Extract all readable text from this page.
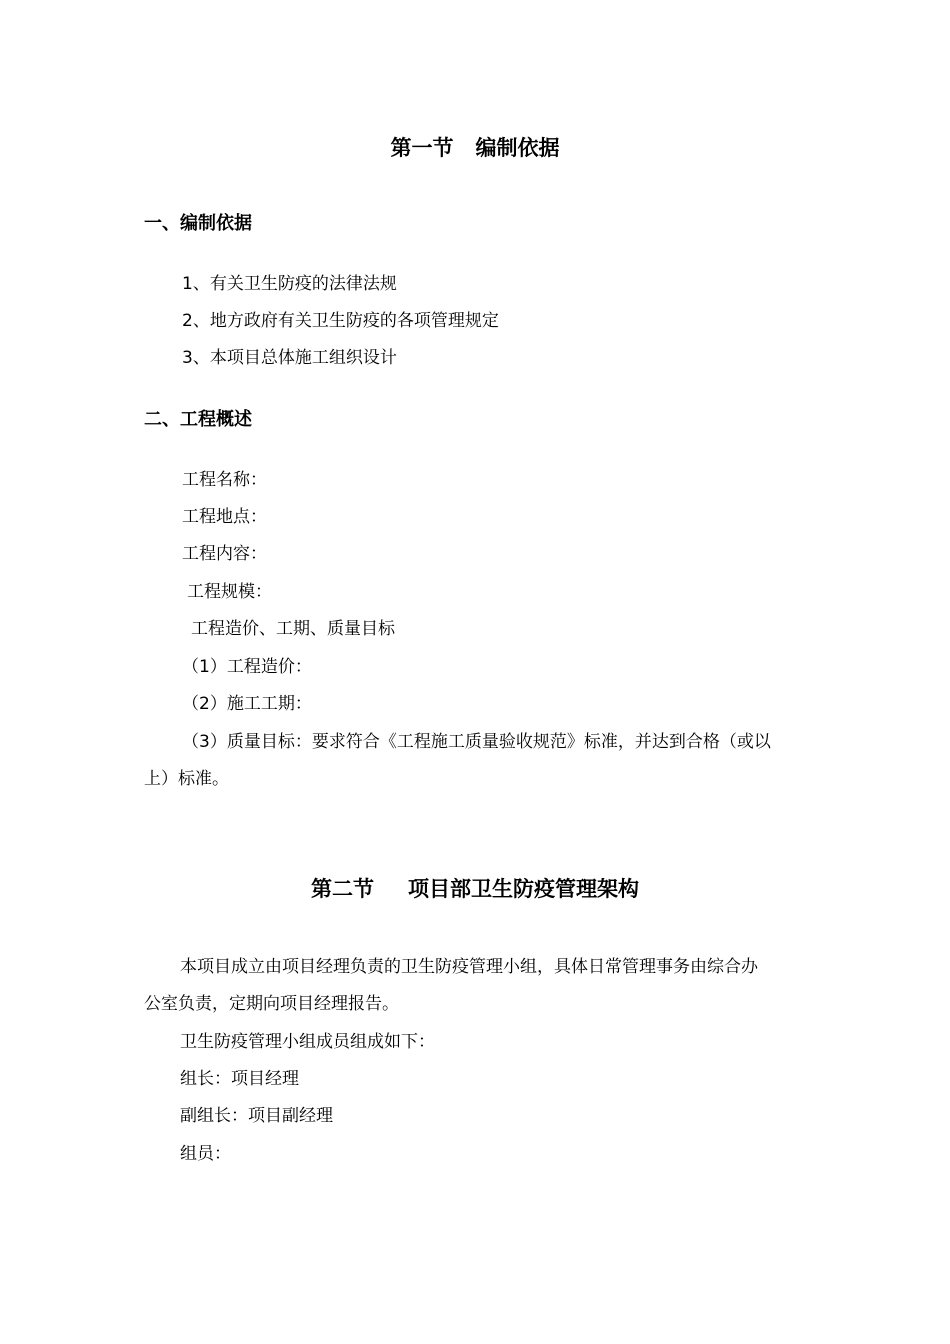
第一节 编制依据
一、编制依据
1、有关卫生防疫的法律法规
2、地方政府有关卫生防疫的各项管理规定
3、本项目总体施工组织设计
二、工程概述
工程名称：
工程地点：
工程内容：
工程规模：
工程造价、工期、质量目标
（1）工程造价：
（2）施工工期：
（3）质量目标：要求符合《工程施工质量验收规范》标准，并达到合格（或以
上）标准。
第二节 项目部卫生防疫管理架构
本项目成立由项目经理负责的卫生防疫管理小组，具体日常管理事务由综合办
公室负责，定期向项目经理报告。
卫生防疫管理小组成员组成如下：
组长：项目经理
副组长：项目副经理
组员：
